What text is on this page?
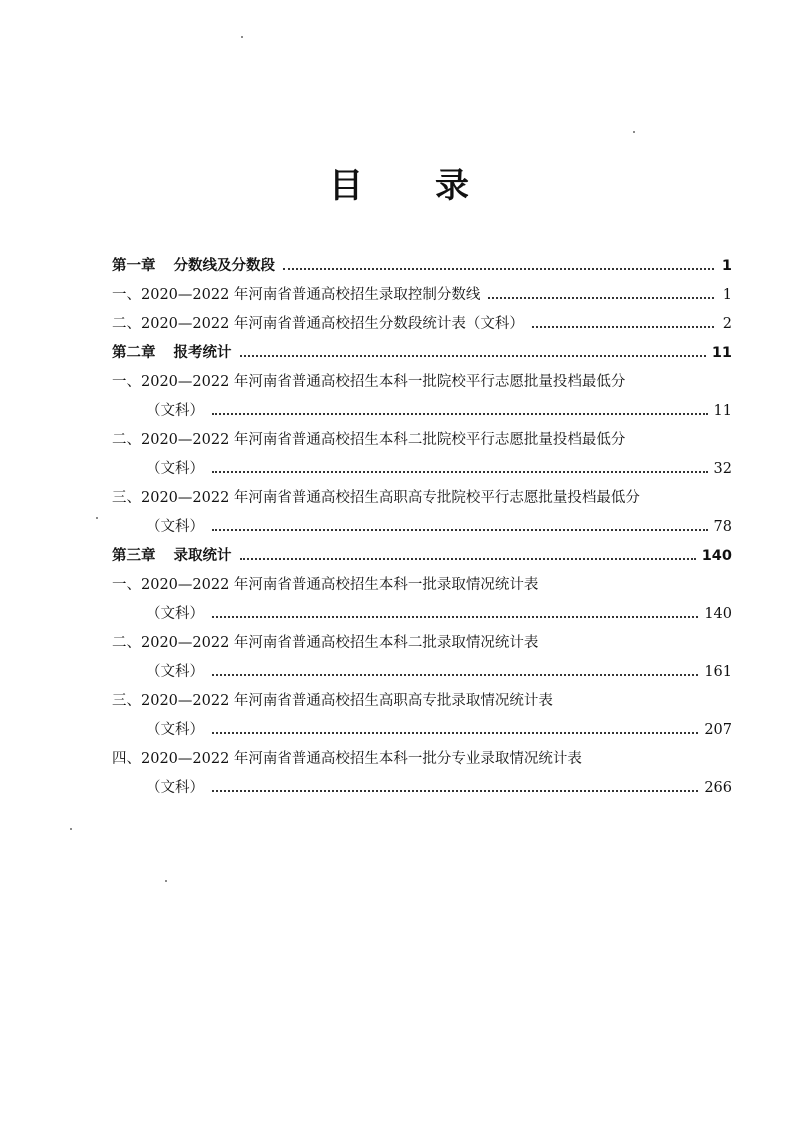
目 录
第一章 分数线及分数段	1
一、2020—2022 年河南省普通高校招生录取控制分数线	1
二、2020—2022 年河南省普通高校招生分数段统计表（文科）	2
第二章 报考统计	11
一、2020—2022 年河南省普通高校招生本科一批院校平行志愿批量投档最低分
（文科）	11
二、2020—2022 年河南省普通高校招生本科二批院校平行志愿批量投档最低分
（文科）	32
三、2020—2022 年河南省普通高校招生高职高专批院校平行志愿批量投档最低分
（文科）	78
第三章 录取统计	140
一、2020—2022 年河南省普通高校招生本科一批录取情况统计表
（文科）	140
二、2020—2022 年河南省普通高校招生本科二批录取情况统计表
（文科）	161
三、2020—2022 年河南省普通高校招生高职高专批录取情况统计表
（文科）	207
四、2020—2022 年河南省普通高校招生本科一批分专业录取情况统计表
（文科）	266
